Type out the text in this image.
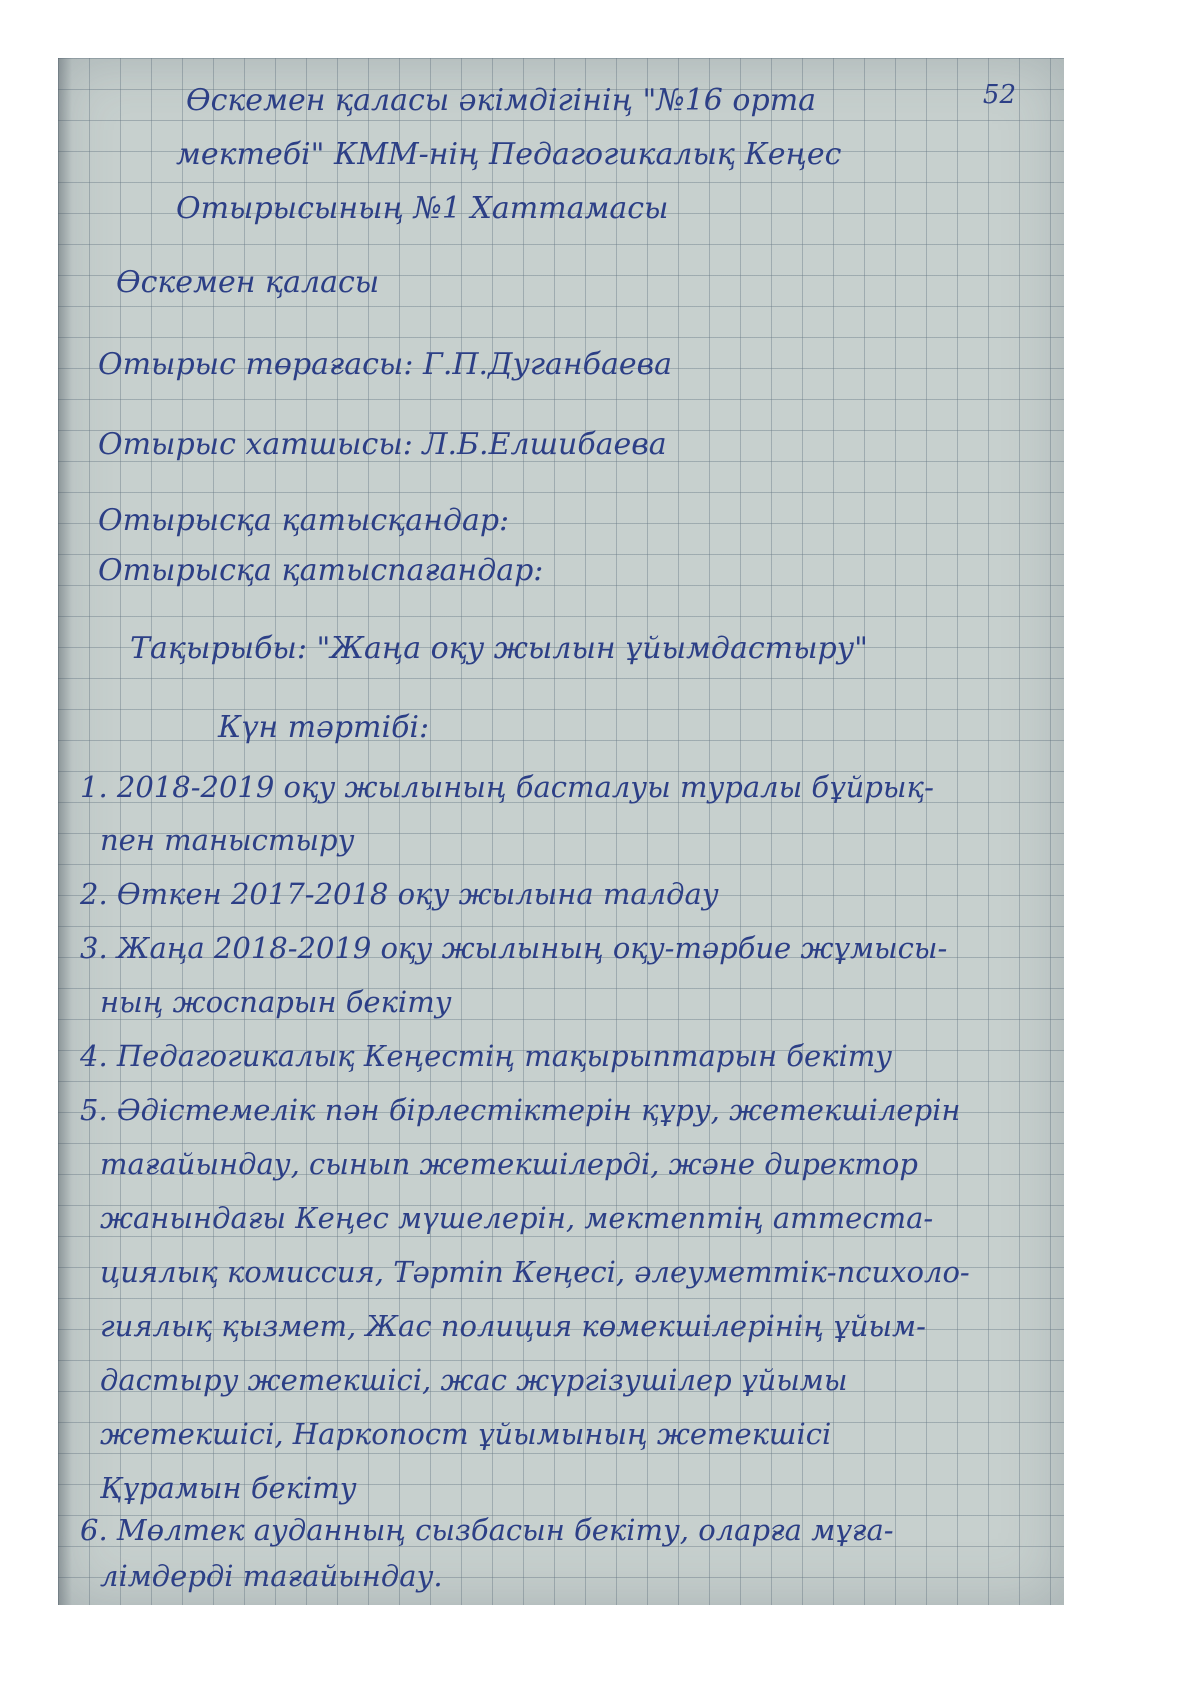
52

Өскемен қаласы әкімдігінің "№16 орта

мектебі" КММ-нің Педагогикалық Кеңес

Отырысының №1 Хаттамасы

Өскемен қаласы

Отырыс төрағасы: Г.П.Дуганбаева

Отырыс хатшысы: Л.Б.Елшибаева

Отырысқа қатысқандар:

Отырысқа қатыспағандар:

Тақырыбы: "Жаңа оқу жылын ұйымдастыру"

Күн тәртібі:

1. 2018-2019 оқу жылының басталуы туралы бұйрық-

пен таныстыру

2. Өткен 2017-2018 оқу жылына талдау

3. Жаңа 2018-2019 оқу жылының оқу-тәрбие жұмысы-

ның жоспарын бекіту

4. Педагогикалық Кеңестің тақырыптарын бекіту

5. Әдістемелік пән бірлестіктерін құру, жетекшілерін

тағайындау, сынып жетекшілерді, және директор

жанындағы Кеңес мүшелерін, мектептің аттеста-

циялық комиссия, Тәртіп Кеңесі, әлеуметтік-психоло-

гиялық қызмет, Жас полиция көмекшілерінің ұйым-

дастыру жетекшісі, жас жүргізушілер ұйымы

жетекшісі, Наркопост ұйымының жетекшісі

Құрамын бекіту

6. Мөлтек ауданның сызбасын бекіту, оларға мұға-

лімдерді тағайындау.
